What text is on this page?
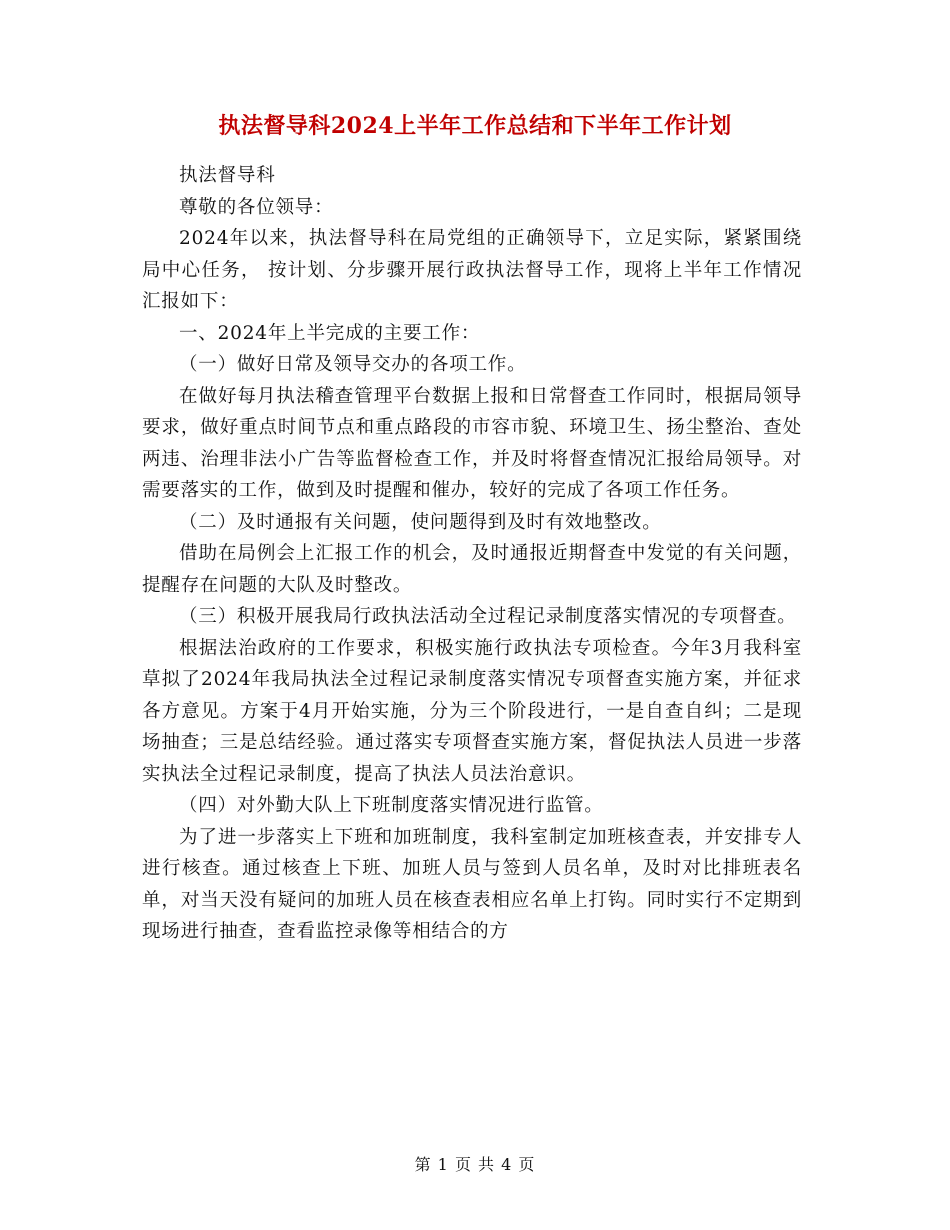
执法督导科2024上半年工作总结和下半年工作计划

执法督导科

尊敬的各位领导：

2024年以来，执法督导科在局党组的正确领导下，立足实际，紧紧围绕局中心任务， 按计划、分步骤开展行政执法督导工作，现将上半年工作情况汇报如下：

一、2024年上半完成的主要工作：

（一）做好日常及领导交办的各项工作。

在做好每月执法稽查管理平台数据上报和日常督查工作同时，根据局领导要求，做好重点时间节点和重点路段的市容市貌、环境卫生、扬尘整治、查处两违、治理非法小广告等监督检查工作，并及时将督查情况汇报给局领导。对需要落实的工作，做到及时提醒和催办，较好的完成了各项工作任务。

（二）及时通报有关问题，使问题得到及时有效地整改。

借助在局例会上汇报工作的机会，及时通报近期督查中发觉的有关问题，提醒存在问题的大队及时整改。

（三）积极开展我局行政执法活动全过程记录制度落实情况的专项督查。

根据法治政府的工作要求，积极实施行政执法专项检查。今年3月我科室草拟了2024年我局执法全过程记录制度落实情况专项督查实施方案，并征求各方意见。方案于4月开始实施，分为三个阶段进行，一是自查自纠；二是现场抽查；三是总结经验。通过落实专项督查实施方案，督促执法人员进一步落实执法全过程记录制度，提高了执法人员法治意识。

（四）对外勤大队上下班制度落实情况进行监管。

为了进一步落实上下班和加班制度，我科室制定加班核查表，并安排专人进行核查。通过核查上下班、加班人员与签到人员名单，及时对比排班表名单，对当天没有疑问的加班人员在核查表相应名单上打钩。同时实行不定期到现场进行抽查，查看监控录像等相结合的方

第 1 页 共 4 页
